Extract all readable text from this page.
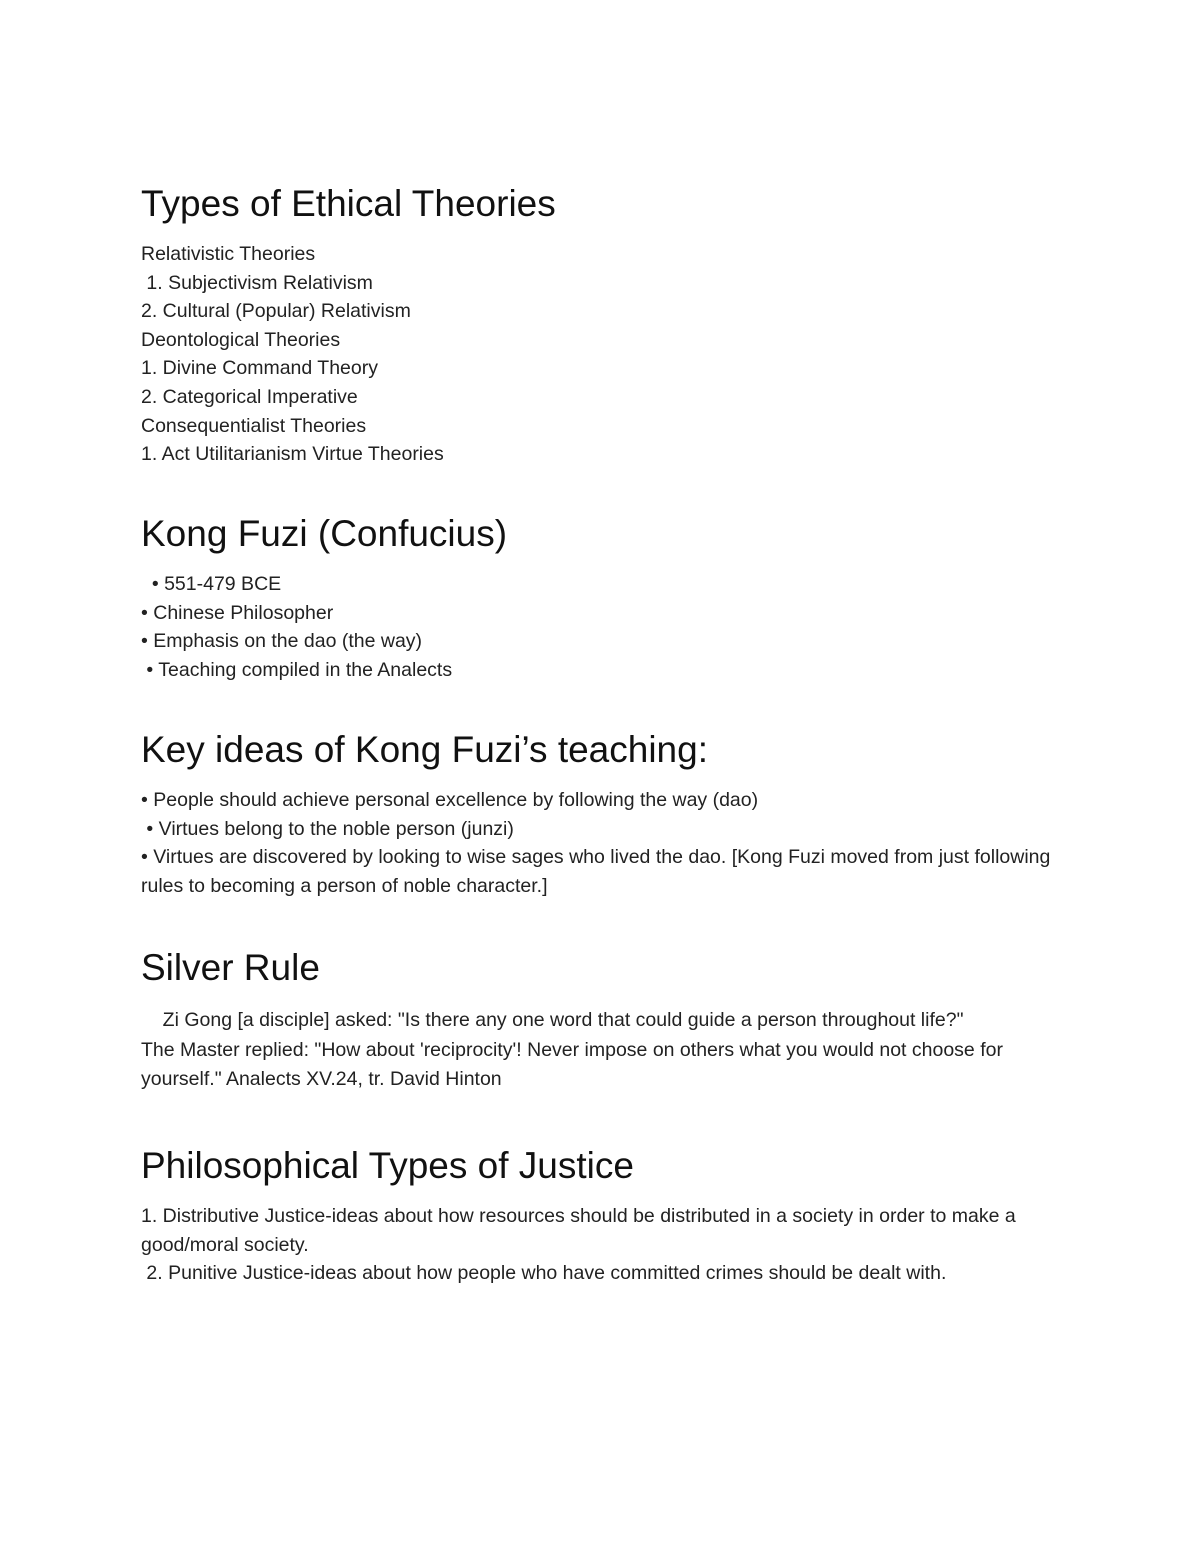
Types of Ethical Theories

Relativistic Theories

1. Subjectivism Relativism

2. Cultural (Popular) Relativism

Deontological Theories

1. Divine Command Theory

2. Categorical Imperative

Consequentialist Theories

1. Act Utilitarianism Virtue Theories

Kong Fuzi (Confucius)

• 551-479 BCE

• Chinese Philosopher

• Emphasis on the dao (the way)

• Teaching compiled in the Analects

Key ideas of Kong Fuzi’s teaching:

• People should achieve personal excellence by following the way (dao)

• Virtues belong to the noble person (junzi)

• Virtues are discovered by looking to wise sages who lived the dao. [Kong Fuzi moved from just following rules to becoming a person of noble character.]

Silver Rule

Zi Gong [a disciple] asked: "Is there any one word that could guide a person throughout life?"

The Master replied: "How about 'reciprocity'! Never impose on others what you would not choose for yourself." Analects XV.24, tr. David Hinton

Philosophical Types of Justice

1. Distributive Justice-ideas about how resources should be distributed in a society in order to make a good/moral society.

2. Punitive Justice-ideas about how people who have committed crimes should be dealt with.
